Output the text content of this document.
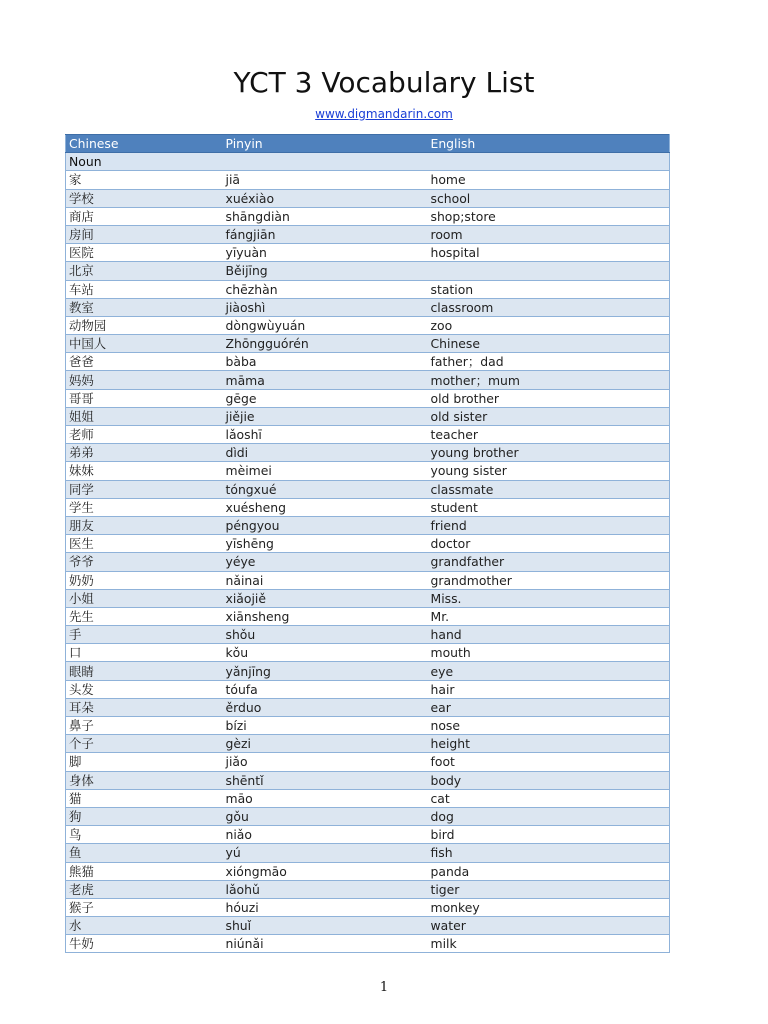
YCT 3 Vocabulary List
www.digmandarin.com
Chinese	Pinyin	English
Noun		
家	jiā	home
学校	xuéxiào	school
商店	shāngdiàn	shop;store
房间	fángjiān	room
医院	yīyuàn	hospital
北京	Běijīng	
车站	chēzhàn	station
教室	jiàoshì	classroom
动物园	dòngwùyuán	zoo
中国人	Zhōngguórén	Chinese
爸爸	bàba	father；dad
妈妈	māma	mother；mum
哥哥	gēge	old brother
姐姐	jiějie	old sister
老师	lǎoshī	teacher
弟弟	dìdi	young brother
妹妹	mèimei	young sister
同学	tóngxué	classmate
学生	xuésheng	student
朋友	péngyou	friend
医生	yīshēng	doctor
爷爷	yéye	grandfather
奶奶	nǎinai	grandmother
小姐	xiǎojiě	Miss.
先生	xiānsheng	Mr.
手	shǒu	hand
口	kǒu	mouth
眼睛	yǎnjīng	eye
头发	tóufa	hair
耳朵	ěrduo	ear
鼻子	bízi	nose
个子	gèzi	height
脚	jiǎo	foot
身体	shēntǐ	body
猫	māo	cat
狗	gǒu	dog
鸟	niǎo	bird
鱼	yú	fish
熊猫	xióngmāo	panda
老虎	lǎohǔ	tiger
猴子	hóuzi	monkey
水	shuǐ	water
牛奶	niúnǎi	milk
1
